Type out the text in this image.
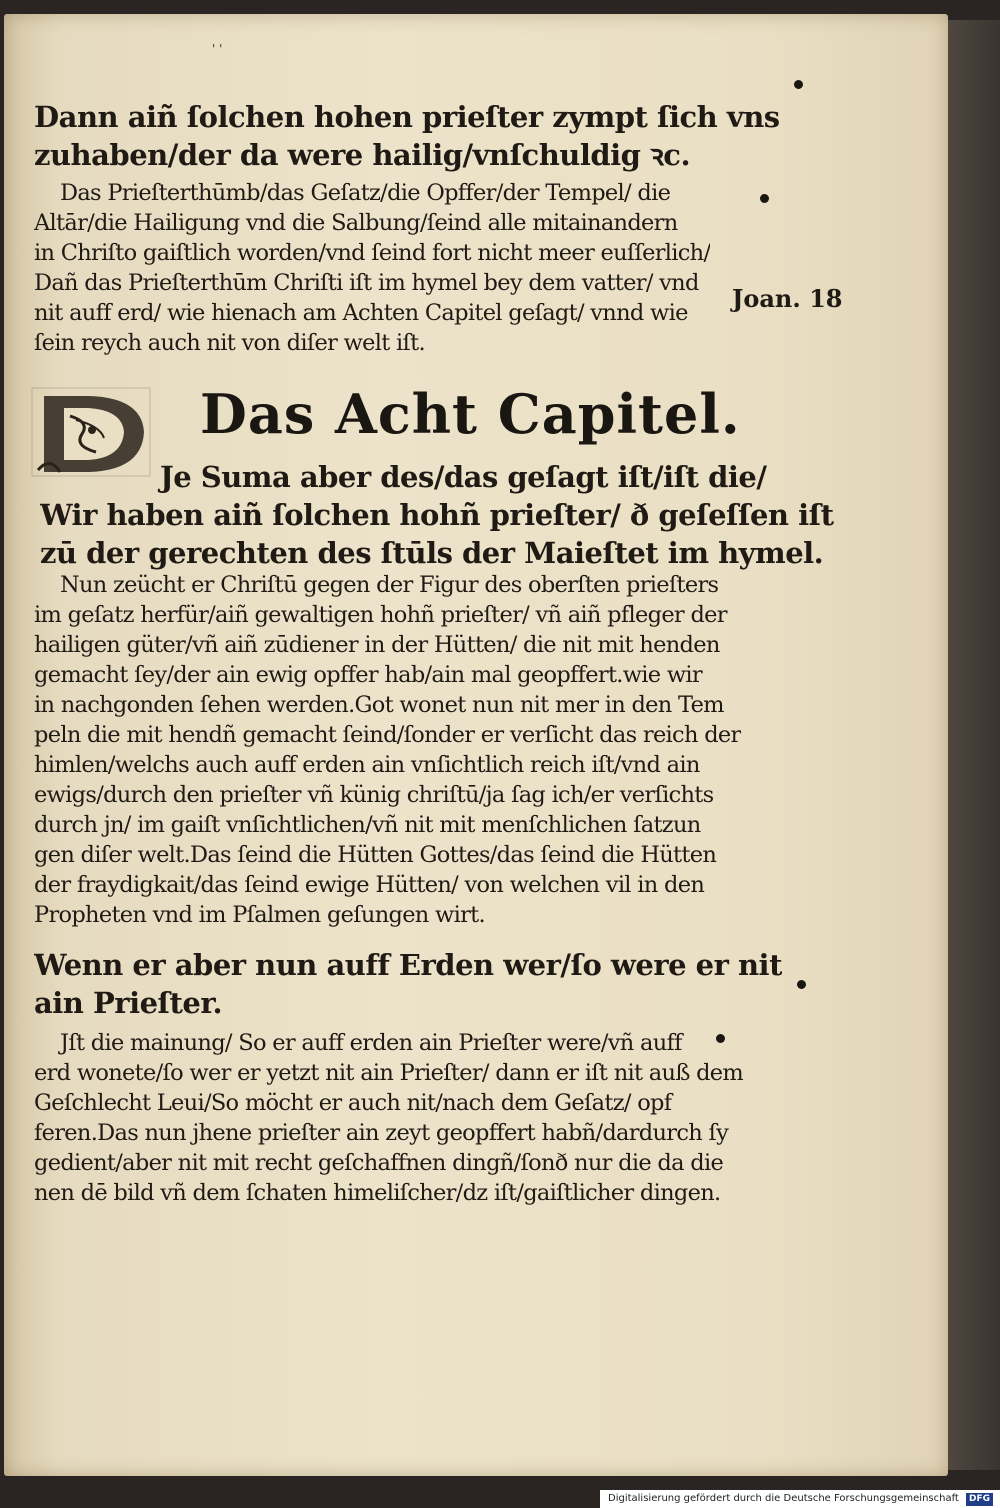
' '
Dann aiñ ſolchen hohen prieſter zympt ſich vns
zuhaben/der da were hailig/vnſchuldig ꝛc.
Das Prieſterthūmb/das Geſatz/die Opffer/der Tempel/ die
Altār/die Hailigung vnd die Salbung/ſeind alle mitainandern
in Chriſto gaiſtlich worden/vnd ſeind fort nicht meer euſſerlich/
Dañ das Prieſterthūm Chriſti iſt im hymel bey dem vatter/ vnd
nit auff erd/ wie hienach am Achten Capitel geſagt/ vnnd wie
ſein reych auch nit von diſer welt iſt.
Joan. 18
Das Acht Capitel.
Je Suma aber des/das geſagt iſt/iſt die/
Wir haben aiñ ſolchen hohñ prieſter/ ð geſeſſen iſt
zū der gerechten des ſtūls der Maieſtet im hymel.
Nun zeücht er Chriſtū gegen der Figur des oberſten prieſters
im geſatz herfür/aiñ gewaltigen hohñ prieſter/ vñ aiñ pfleger der
hailigen güter/vñ aiñ zūdiener in der Hütten/ die nit mit henden
gemacht ſey/der ain ewig opffer hab/ain mal geopffert.wie wir
in nachgonden ſehen werden.Got wonet nun nit mer in den Tem
peln die mit hendñ gemacht ſeind/ſonder er verſicht das reich der
himlen/welchs auch auff erden ain vnſichtlich reich iſt/vnd ain
ewigs/durch den prieſter vñ künig chriſtū/ja ſag ich/er verſichts
durch jn/ im gaiſt vnſichtlichen/vñ nit mit menſchlichen ſatzun
gen diſer welt.Das ſeind die Hütten Gottes/das ſeind die Hütten
der fraydigkait/das ſeind ewige Hütten/ von welchen vil in den
Propheten vnd im Pſalmen geſungen wirt.
Wenn er aber nun auff Erden wer/ſo were er nit
ain Prieſter.
Jſt die mainung/ So er auff erden ain Prieſter were/vñ auff
erd wonete/ſo wer er yetzt nit ain Prieſter/ dann er iſt nit auß dem
Geſchlecht Leui/So möcht er auch nit/nach dem Geſatz/ opf
feren.Das nun jhene prieſter ain zeyt geopffert habñ/dardurch ſy
gedient/aber nit mit recht geſchaffnen dingñ/ſonð nur die da die
nen dē bild vñ dem ſchaten himeliſcher/dz iſt/gaiſtlicher dingen.
Digitalisierung gefördert durch die Deutsche Forschungsgemeinschaft DFG
